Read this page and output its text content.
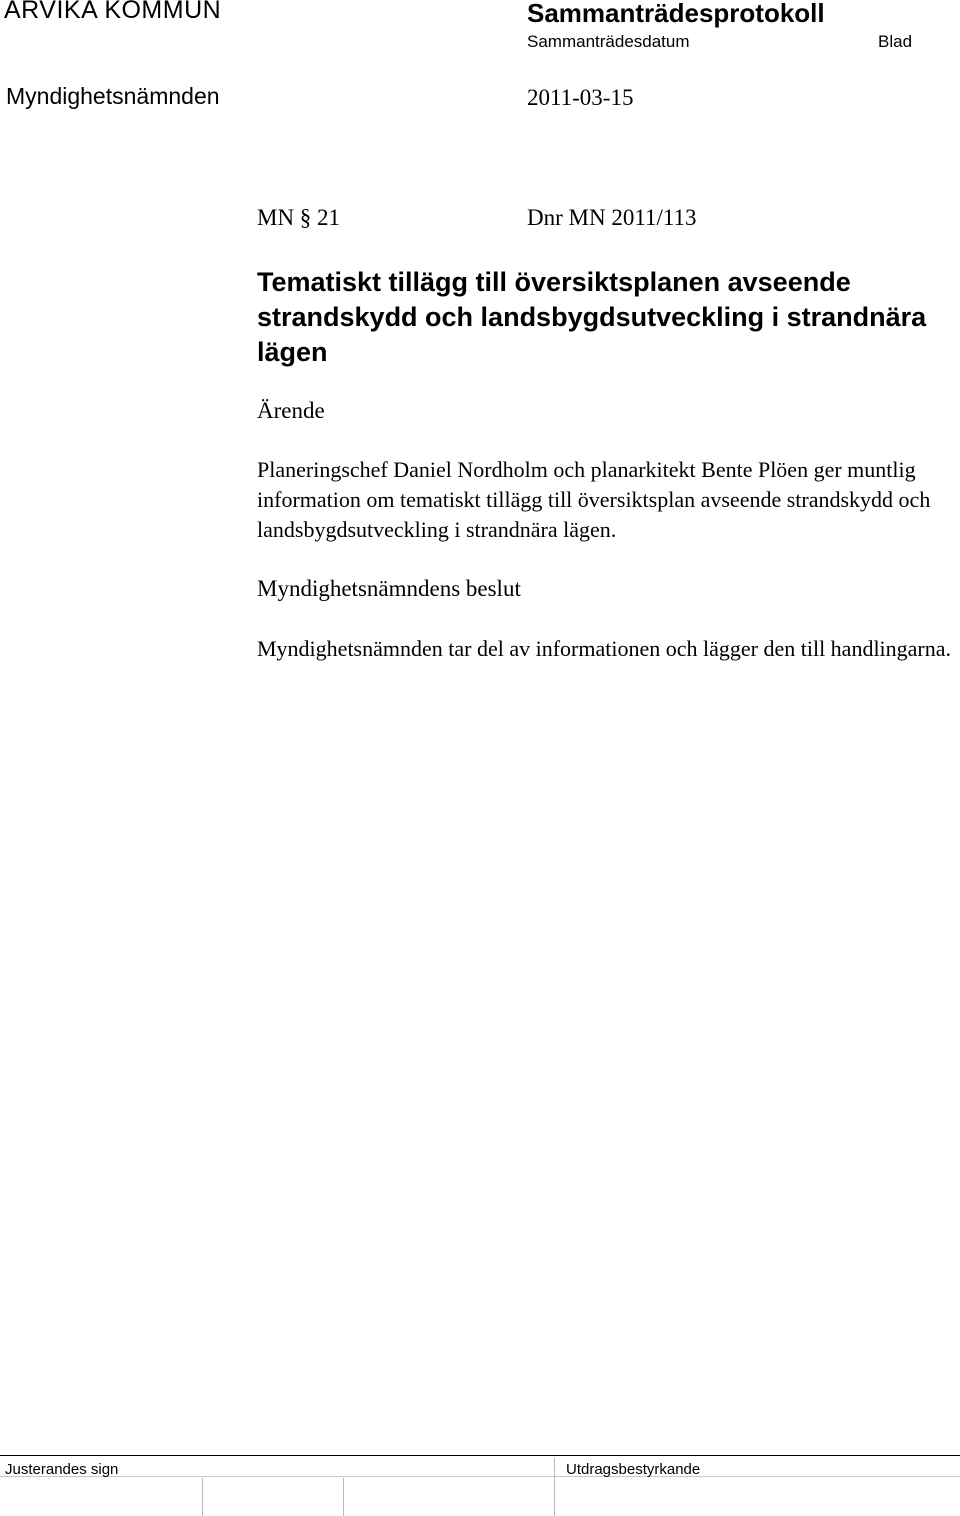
ARVIKA KOMMUN	Sammanträdesprotokoll
Sammanträdesdatum	Blad
Myndighetsnämnden	2011-03-15
MN § 21	Dnr MN 2011/113
Tematiskt tillägg till översiktsplanen avseende strandskydd och landsbygdsutveckling i strandnära lägen
Ärende
Planeringschef Daniel Nordholm och planarkitekt Bente Plöen ger muntlig information om tematiskt tillägg till översiktsplan avseende strandskydd och landsbygdsutveckling i strandnära lägen.
Myndighetsnämndens beslut
Myndighetsnämnden tar del av informationen och lägger den till handlingarna.
Justerandes sign	Utdragsbestyrkande
